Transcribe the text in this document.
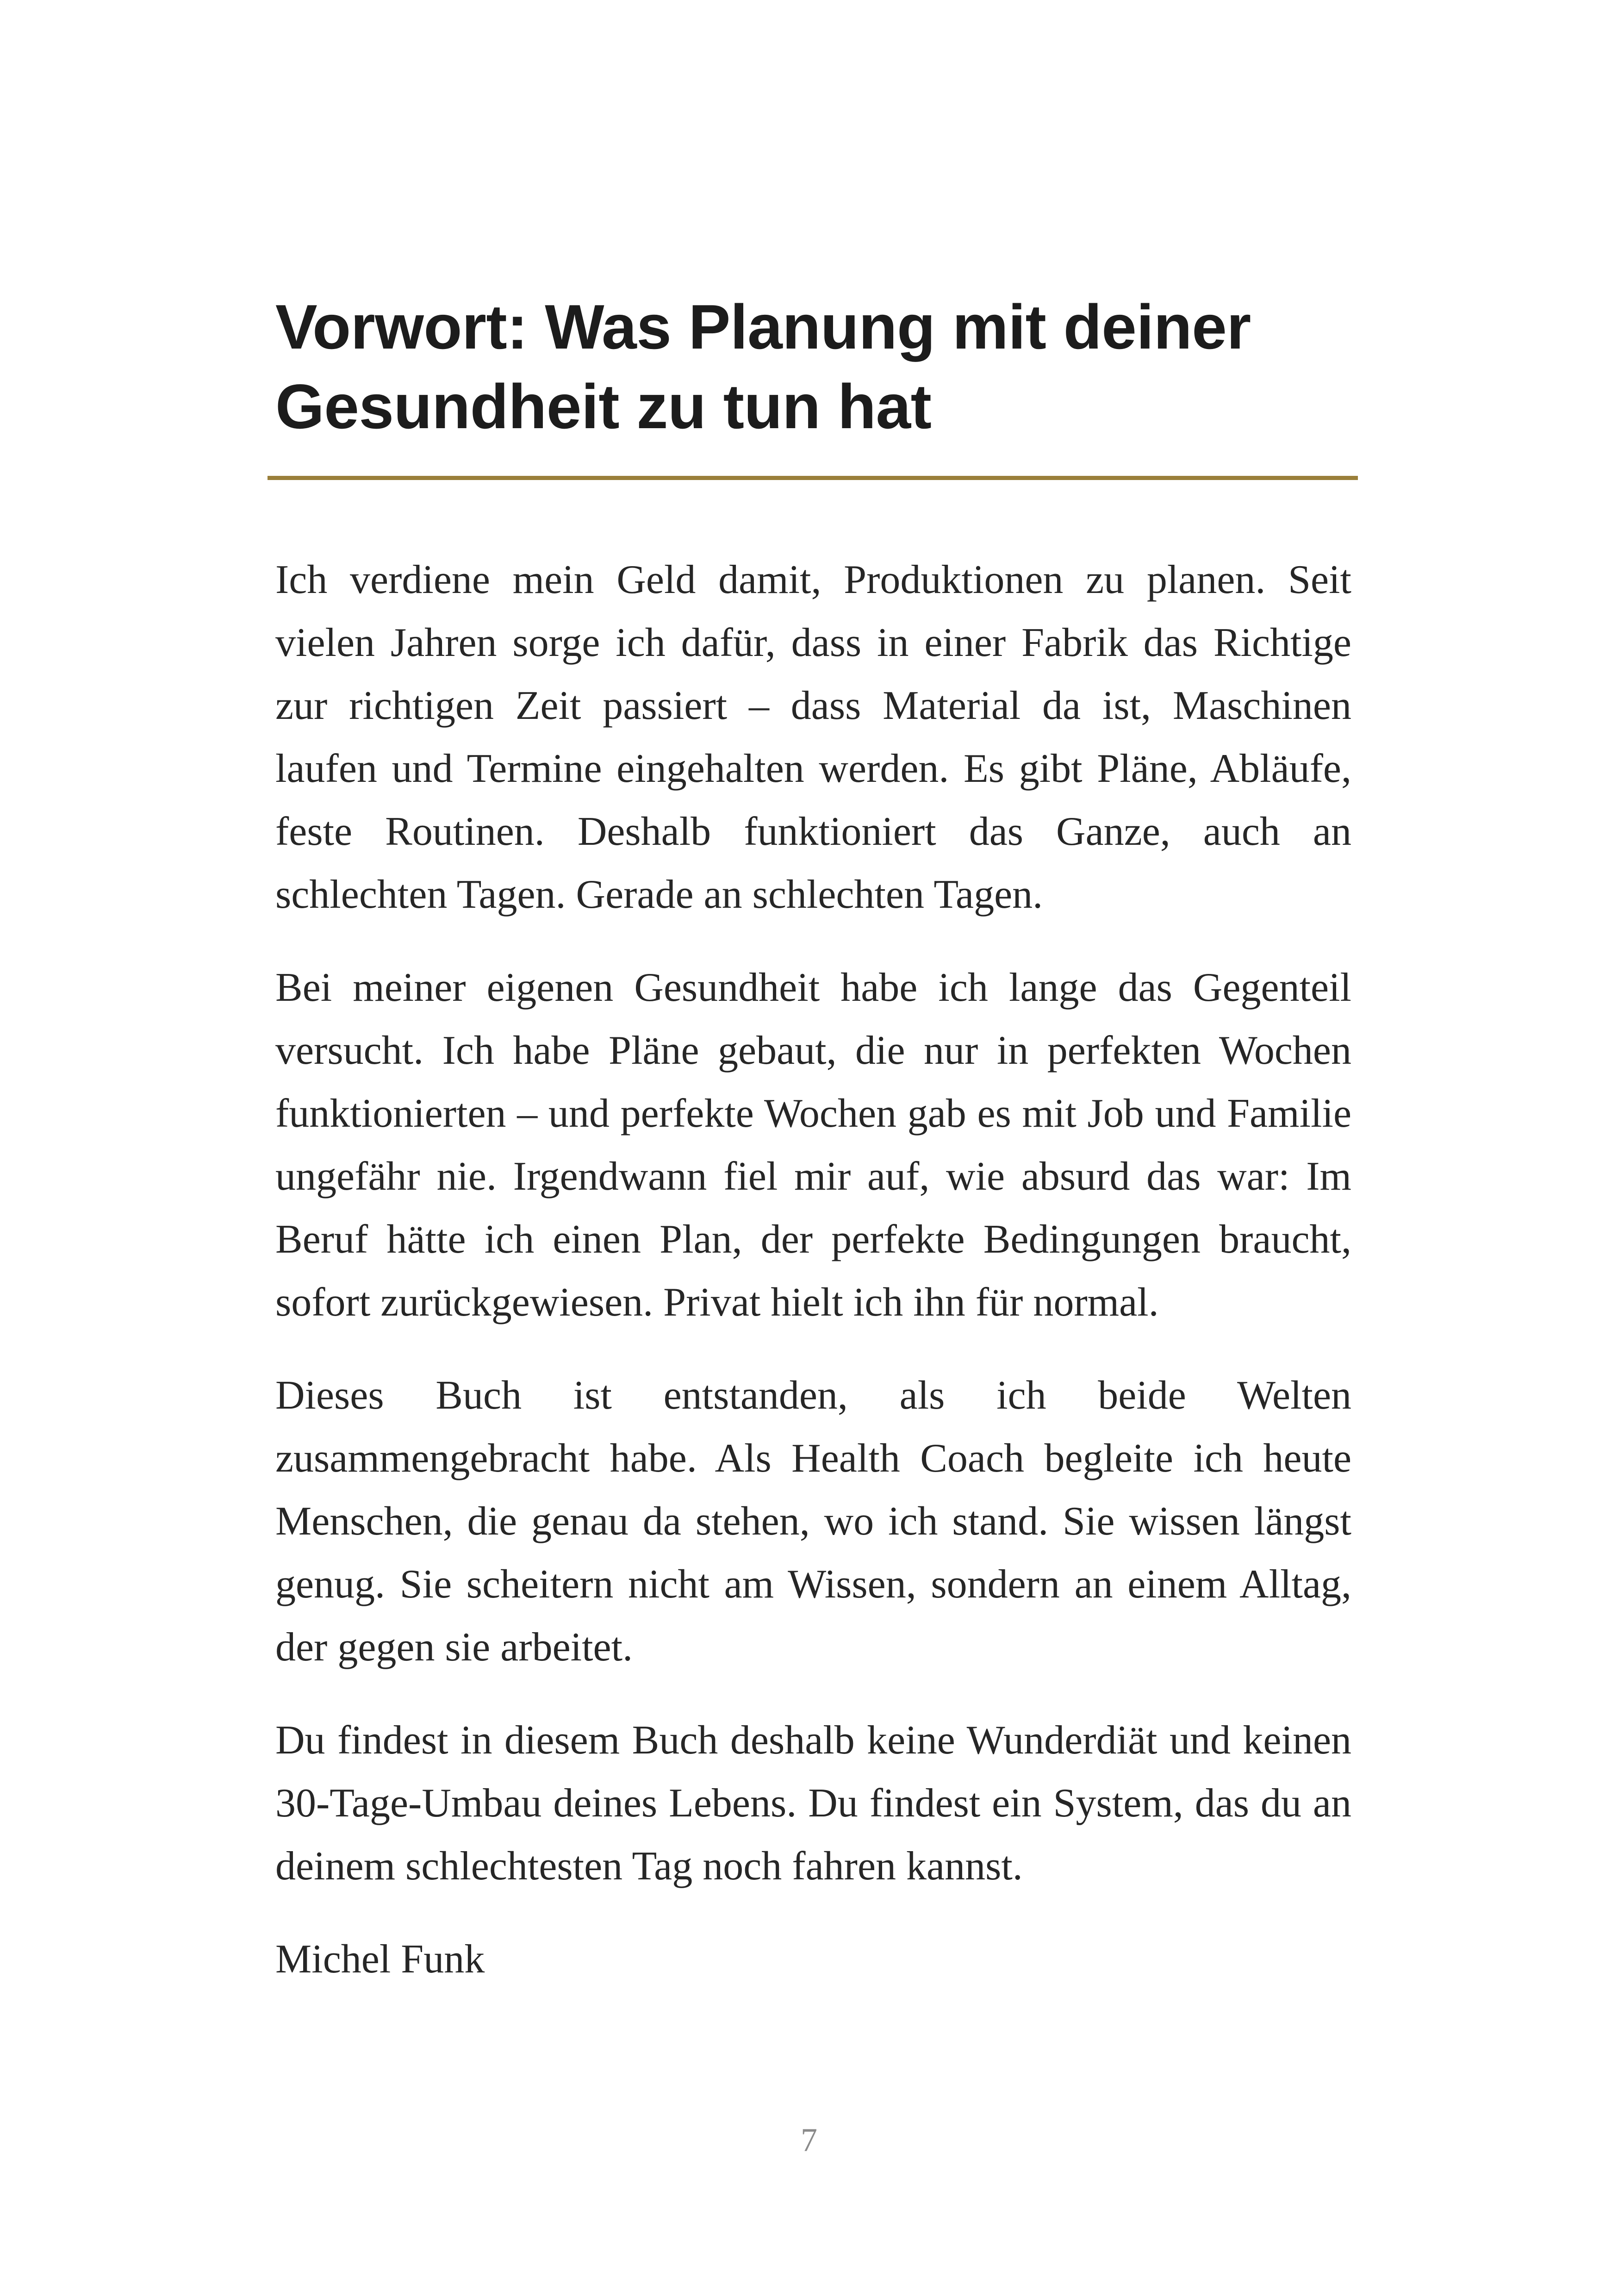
Vorwort: Was Planung mit deiner
Gesundheit zu tun hat

Ich verdiene mein Geld damit, Produktionen zu planen. Seit vielen Jahren sorge ich dafür, dass in einer Fabrik das Richtige zur richtigen Zeit passiert – dass Material da ist, Maschinen laufen und Termine eingehalten werden. Es gibt Pläne, Abläufe, feste Routinen. Deshalb funktioniert das Ganze, auch an schlechten Tagen. Gerade an schlechten Tagen.

Bei meiner eigenen Gesundheit habe ich lange das Gegenteil versucht. Ich habe Pläne gebaut, die nur in perfekten Wochen funktionierten – und perfekte Wochen gab es mit Job und Familie ungefähr nie. Irgendwann fiel mir auf, wie absurd das war: Im Beruf hätte ich einen Plan, der perfekte Bedingungen braucht, sofort zurückgewiesen. Privat hielt ich ihn für normal.

Dieses Buch ist entstanden, als ich beide Welten zusammengebracht habe. Als Health Coach begleite ich heute Menschen, die genau da stehen, wo ich stand. Sie wissen längst genug. Sie scheitern nicht am Wissen, sondern an einem Alltag, der gegen sie arbeitet.

Du findest in diesem Buch deshalb keine Wunderdiät und keinen 30-Tage-Umbau deines Lebens. Du findest ein System, das du an deinem schlechtesten Tag noch fahren kannst.

Michel Funk

7
